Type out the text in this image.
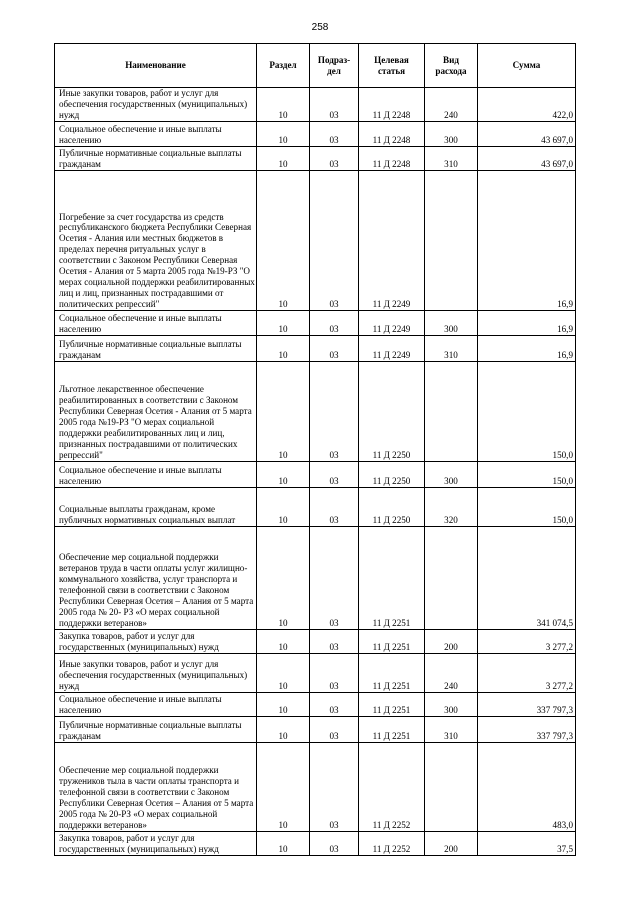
258
Наименование	Раздел	Подраз-дел	Целевая статья	Вид расхода	Сумма
Иные закупки товаров, работ и услуг для обеспечения государственных (муниципальных) нужд	10	03	11 Д 2248	240	422,0
Социальное обеспечение и иные выплаты населению	10	03	11 Д 2248	300	43 697,0
Публичные нормативные социальные выплаты гражданам	10	03	11 Д 2248	310	43 697,0
Погребение за счет государства из средств республиканского бюджета Республики Северная Осетия - Алания или местных бюджетов в пределах перечня ритуальных услуг в соответствии с Законом Республики Северная Осетия - Алания от 5 марта 2005 года №19-РЗ "О мерах социальной поддержки реабилитированных лиц и лиц, признанных пострадавшими от политических репрессий"	10	03	11 Д 2249		16,9
Социальное обеспечение и иные выплаты населению	10	03	11 Д 2249	300	16,9
Публичные нормативные социальные выплаты гражданам	10	03	11 Д 2249	310	16,9
Льготное лекарственное обеспечение реабилитированных в соответствии с Законом Республики Северная Осетия - Алания от 5 марта 2005 года №19-РЗ "О мерах социальной поддержки реабилитированных лиц и лиц, признанных пострадавшими от политических репрессий"	10	03	11 Д 2250		150,0
Социальное обеспечение и иные выплаты населению	10	03	11 Д 2250	300	150,0
Социальные выплаты гражданам, кроме публичных нормативных социальных выплат	10	03	11 Д 2250	320	150,0
Обеспечение мер социальной поддержки ветеранов труда в части оплаты услуг жилищно-коммунального хозяйства, услуг транспорта и телефонной связи в соответствии с Законом Республики Северная Осетия – Алания от 5 марта 2005 года № 20- РЗ «О мерах социальной поддержки ветеранов»	10	03	11 Д 2251		341 074,5
Закупка товаров, работ и услуг для государственных (муниципальных) нужд	10	03	11 Д 2251	200	3 277,2
Иные закупки товаров, работ и услуг для обеспечения государственных (муниципальных) нужд	10	03	11 Д 2251	240	3 277,2
Социальное обеспечение и иные выплаты населению	10	03	11 Д 2251	300	337 797,3
Публичные нормативные социальные выплаты гражданам	10	03	11 Д 2251	310	337 797,3
Обеспечение мер социальной поддержки тружеников тыла в части оплаты транспорта и телефонной связи в соответствии с Законом Республики Северная Осетия – Алания от 5 марта 2005 года № 20-РЗ «О мерах социальной поддержки ветеранов»	10	03	11 Д 2252		483,0
Закупка товаров, работ и услуг для государственных (муниципальных) нужд	10	03	11 Д 2252	200	37,5
